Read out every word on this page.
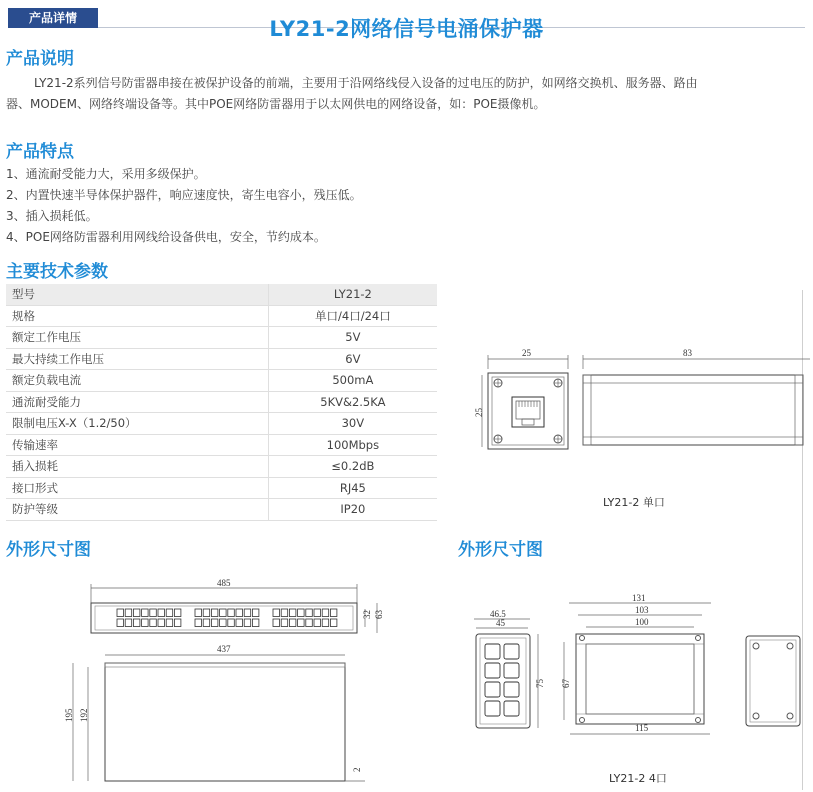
产品详情	LY21-2网络信号电涌保护器
产品说明

LY21-2系列信号防雷器串接在被保护设备的前端，主要用于沿网络线侵入设备的过电压的防护，如网络交换机、服务器、路由

器、MODEM、网络终端设备等。其中POE网络防雷器用于以太网供电的网络设备，如：POE摄像机。
产品特点
1、通流耐受能力大，采用多级保护。
2、内置快速半导体保护器件，响应速度快，寄生电容小，残压低。
3、插入损耗低。
4、POE网络防雷器利用网线给设备供电，安全，节约成本。
主要技术参数
型号	LY21-2
规格	单口/4口/24口
额定工作电压	5V
最大持续工作电压	6V
额定负载电流	500mA
通流耐受能力	5KV&2.5KA
限制电压X-X（1.2/50）	30V
传输速率	100Mbps
插入损耗	≤0.2dB
接口形式	RJ45
防护等级	IP20
25
25
83
LY21-2 单口
外形尺寸图	外形尺寸图
485
32 63
437
195 192
2
46.5
45
75 67
131
103
100
115
LY21-2 4口
